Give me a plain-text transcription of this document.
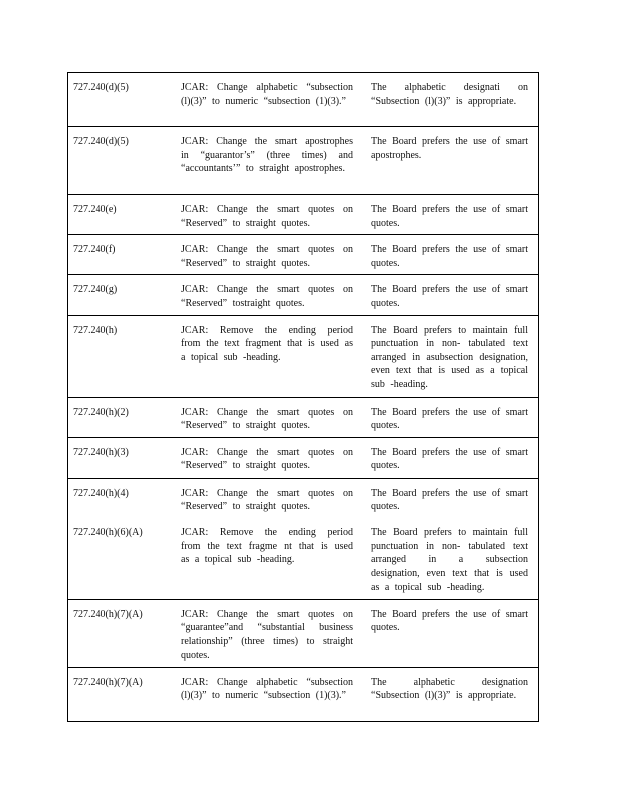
727.240(d)(5)	JCAR: Change alphabetic “subsection (l)(3)” to numeric “subsection (1)(3).”	The alphabetic designati on “Subsection (l)(3)” is appropriate.
727.240(d)(5)	JCAR: Change the smart apostrophes in “guarantor’s” (three times) and “accountants’” to straight apostrophes.	The Board prefers the use of smart apostrophes.
727.240(e)	JCAR: Change the smart quotes on “Reserved” to straight quotes.	The Board prefers the use of smart quotes.
727.240(f)	JCAR: Change the smart quotes on “Reserved” to straight quotes.	The Board prefers the use of smart quotes.
727.240(g)	JCAR: Change the smart quotes on “Reserved” tostraight quotes.	The Board prefers the use of smart quotes.
727.240(h)	JCAR: Remove the ending period from the text fragment that is used as a topical sub -heading.	The Board prefers to maintain full punctuation in non- tabulated text arranged in asubsection designation, even text that is used as a topical sub -heading.
727.240(h)(2)	JCAR: Change the smart quotes on “Reserved” to straight quotes.	The Board prefers the use of smart quotes.
727.240(h)(3)	JCAR: Change the smart quotes on “Reserved” to straight quotes.	The Board prefers the use of smart quotes.
727.240(h)(4)	JCAR: Change the smart quotes on “Reserved” to straight quotes.	The Board prefers the use of smart quotes.
727.240(h)(6)(A)	JCAR: Remove the ending period from the text fragme nt that is used as a topical sub -heading.	The Board prefers to maintain full punctuation in non- tabulated text arranged in a subsection designation, even text that is used as a topical sub -heading.
727.240(h)(7)(A)	JCAR: Change the smart quotes on “guarantee”and “substantial business relationship” (three times) to straight quotes.	The Board prefers the use of smart quotes.
727.240(h)(7)(A)	JCAR: Change alphabetic “subsection (l)(3)” to numeric “subsection (1)(3).”	The alphabetic designation “Subsection (l)(3)” is appropriate.
